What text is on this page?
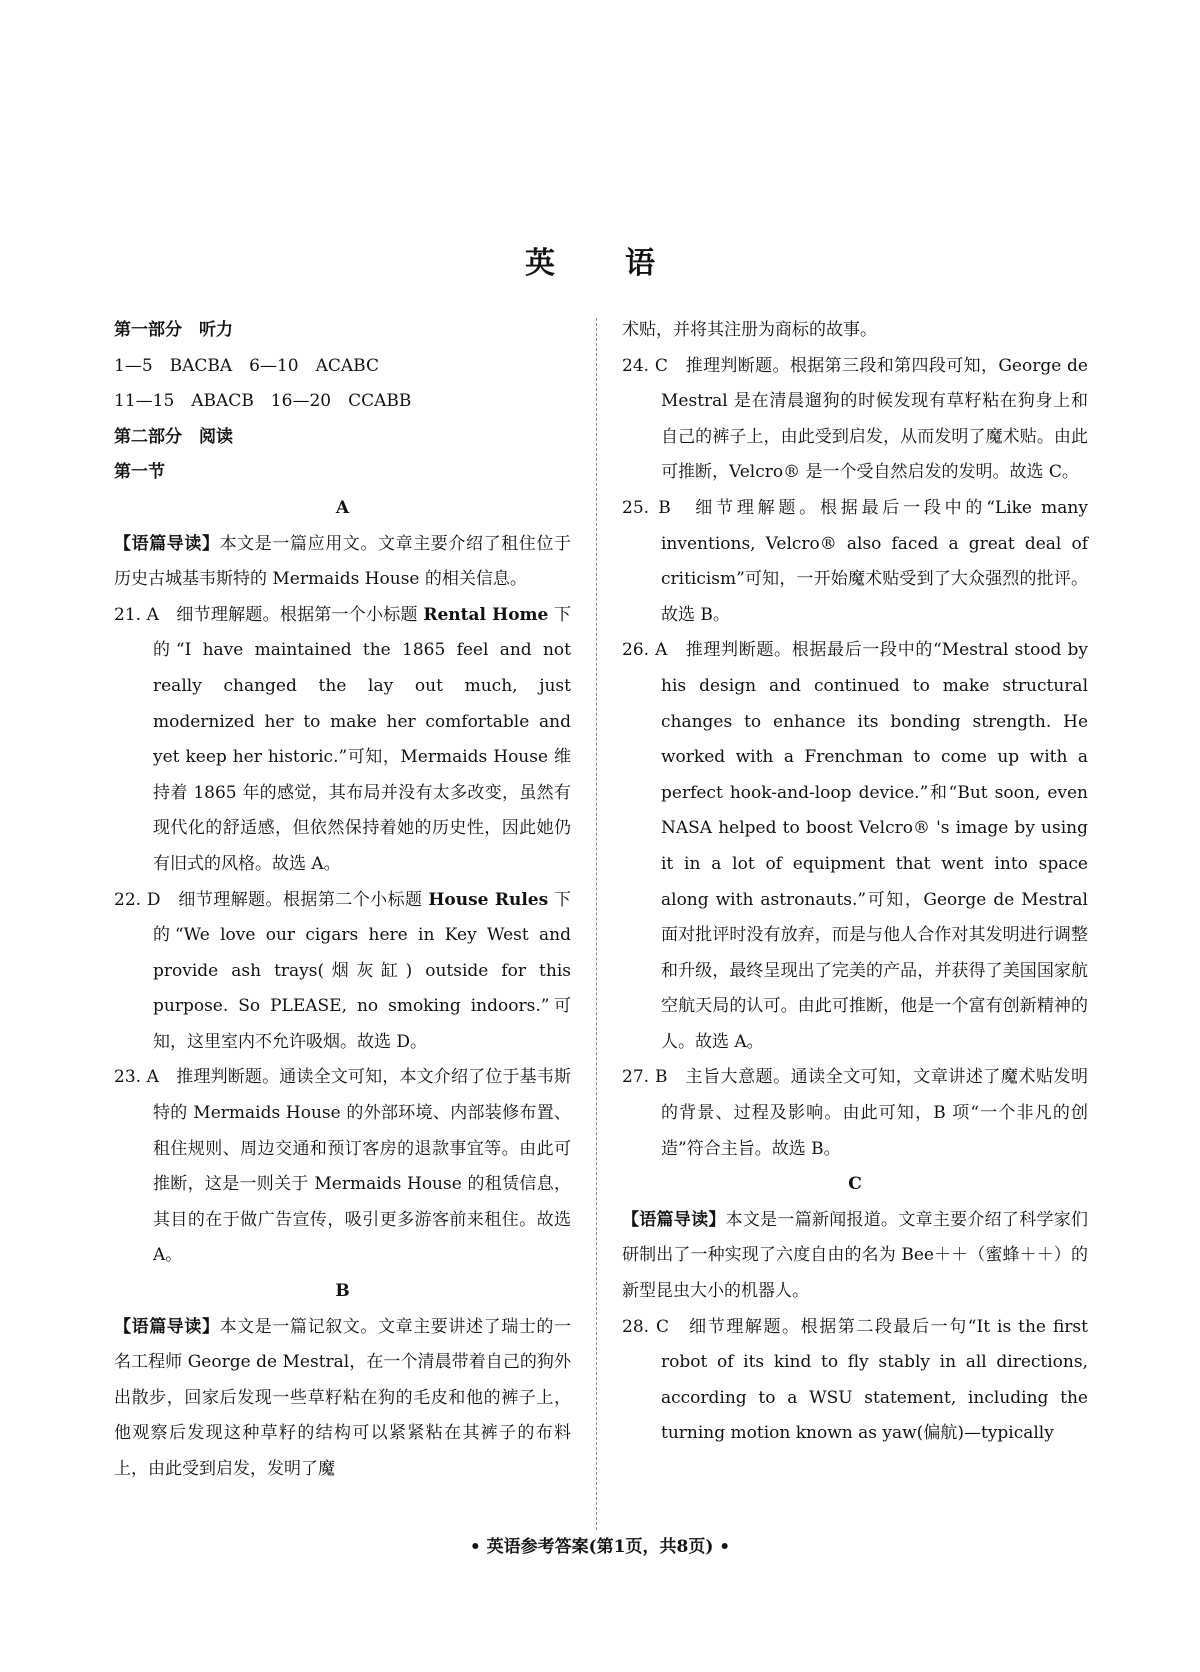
英　语

第一部分　听力

1—5　BACBA　6—10　ACABC

11—15　ABACB　16—20　CCABB

第二部分　阅读

第一节

A

【语篇导读】本文是一篇应用文。文章主要介绍了租住位于历史古城基韦斯特的 Mermaids House 的相关信息。

21. A　细节理解题。根据第一个小标题 Rental Home 下的“I have maintained the 1865 feel and not really changed the lay out much, just modernized her to make her comfortable and yet keep her historic.”可知，Mermaids House 维持着 1865 年的感觉，其布局并没有太多改变，虽然有现代化的舒适感，但依然保持着她的历史性，因此她仍有旧式的风格。故选 A。

22. D　细节理解题。根据第二个小标题 House Rules 下的“We love our cigars here in Key West and provide ash trays(烟灰缸) outside for this purpose. So PLEASE, no smoking indoors.”可知，这里室内不允许吸烟。故选 D。

23. A　推理判断题。通读全文可知，本文介绍了位于基韦斯特的 Mermaids House 的外部环境、内部装修布置、租住规则、周边交通和预订客房的退款事宜等。由此可推断，这是一则关于 Mermaids House 的租赁信息，其目的在于做广告宣传，吸引更多游客前来租住。故选 A。

B

【语篇导读】本文是一篇记叙文。文章主要讲述了瑞士的一名工程师 George de Mestral，在一个清晨带着自己的狗外出散步，回家后发现一些草籽粘在狗的毛皮和他的裤子上，他观察后发现这种草籽的结构可以紧紧粘在其裤子的布料上，由此受到启发，发明了魔

术贴，并将其注册为商标的故事。

24. C　推理判断题。根据第三段和第四段可知，George de Mestral 是在清晨遛狗的时候发现有草籽粘在狗身上和自己的裤子上，由此受到启发，从而发明了魔术贴。由此可推断，Velcro® 是一个受自然启发的发明。故选 C。

25. B　细节理解题。根据最后一段中的“Like many inventions, Velcro® also faced a great deal of criticism”可知，一开始魔术贴受到了大众强烈的批评。故选 B。

26. A　推理判断题。根据最后一段中的“Mestral stood by his design and continued to make structural changes to enhance its bonding strength. He worked with a Frenchman to come up with a perfect hook-and-loop device.”和“But soon, even NASA helped to boost Velcro® 's image by using it in a lot of equipment that went into space along with astronauts.”可知，George de Mestral 面对批评时没有放弃，而是与他人合作对其发明进行调整和升级，最终呈现出了完美的产品，并获得了美国国家航空航天局的认可。由此可推断，他是一个富有创新精神的人。故选 A。

27. B　主旨大意题。通读全文可知，文章讲述了魔术贴发明的背景、过程及影响。由此可知，B 项“一个非凡的创造”符合主旨。故选 B。

C

【语篇导读】本文是一篇新闻报道。文章主要介绍了科学家们研制出了一种实现了六度自由的名为 Bee＋＋（蜜蜂＋＋）的新型昆虫大小的机器人。

28. C　细节理解题。根据第二段最后一句“It is the first robot of its kind to fly stably in all directions, according to a WSU statement, including the turning motion known as yaw(偏航)—typically

• 英语参考答案(第1页，共8页) •
